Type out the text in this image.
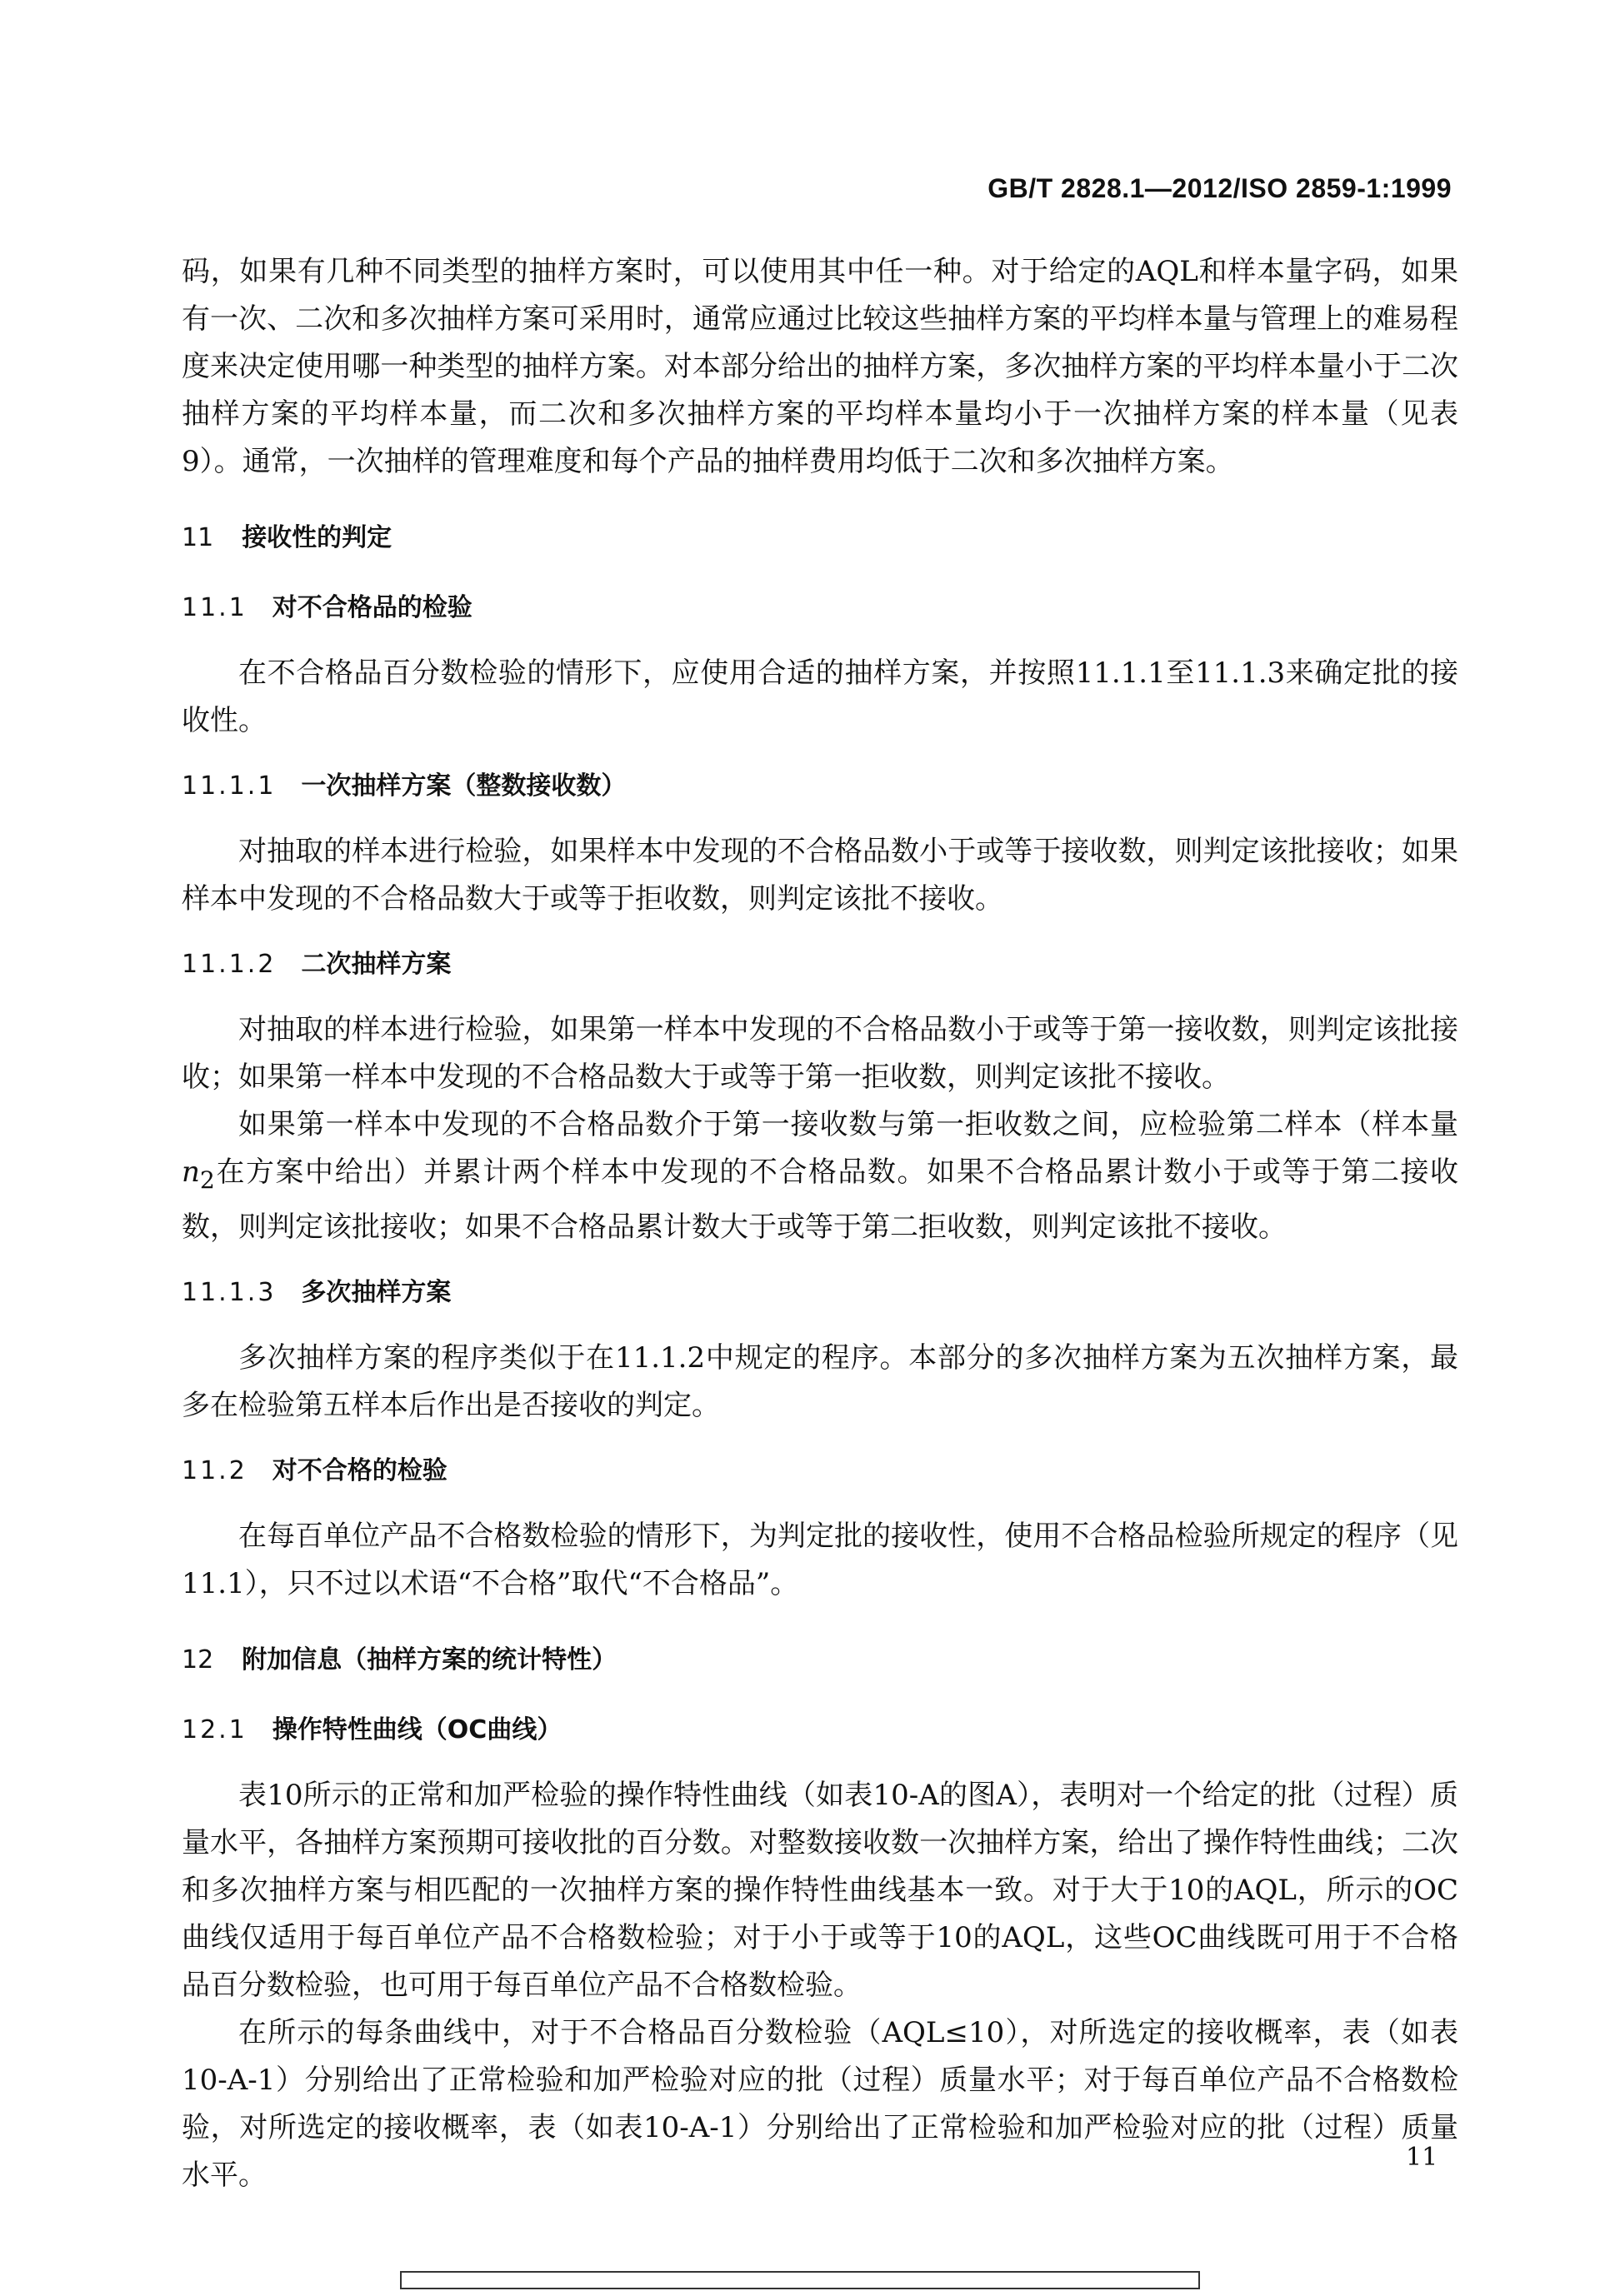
GB/T 2828.1—2012/ISO 2859-1:1999

码，如果有几种不同类型的抽样方案时，可以使用其中任一种。对于给定的AQL和样本量字码，如果有一次、二次和多次抽样方案可采用时，通常应通过比较这些抽样方案的平均样本量与管理上的难易程度来决定使用哪一种类型的抽样方案。对本部分给出的抽样方案，多次抽样方案的平均样本量小于二次抽样方案的平均样本量，而二次和多次抽样方案的平均样本量均小于一次抽样方案的样本量（见表9）。通常，一次抽样的管理难度和每个产品的抽样费用均低于二次和多次抽样方案。

11 接收性的判定
11.1 对不合格品的检验

在不合格品百分数检验的情形下，应使用合适的抽样方案，并按照11.1.1至11.1.3来确定批的接收性。

11.1.1 一次抽样方案（整数接收数）

对抽取的样本进行检验，如果样本中发现的不合格品数小于或等于接收数，则判定该批接收；如果样本中发现的不合格品数大于或等于拒收数，则判定该批不接收。

11.1.2 二次抽样方案

对抽取的样本进行检验，如果第一样本中发现的不合格品数小于或等于第一接收数，则判定该批接收；如果第一样本中发现的不合格品数大于或等于第一拒收数，则判定该批不接收。

如果第一样本中发现的不合格品数介于第一接收数与第一拒收数之间，应检验第二样本（样本量$n_2$在方案中给出）并累计两个样本中发现的不合格品数。如果不合格品累计数小于或等于第二接收数，则判定该批接收；如果不合格品累计数大于或等于第二拒收数，则判定该批不接收。

11.1.3 多次抽样方案

多次抽样方案的程序类似于在11.1.2中规定的程序。本部分的多次抽样方案为五次抽样方案，最多在检验第五样本后作出是否接收的判定。

11.2 对不合格的检验

在每百单位产品不合格数检验的情形下，为判定批的接收性，使用不合格品检验所规定的程序（见11.1），只不过以术语“不合格”取代“不合格品”。

12 附加信息（抽样方案的统计特性）
12.1 操作特性曲线（OC曲线）

表10所示的正常和加严检验的操作特性曲线（如表10-A的图A），表明对一个给定的批（过程）质量水平，各抽样方案预期可接收批的百分数。对整数接收数一次抽样方案，给出了操作特性曲线；二次和多次抽样方案与相匹配的一次抽样方案的操作特性曲线基本一致。对于大于10的AQL，所示的OC曲线仅适用于每百单位产品不合格数检验；对于小于或等于10的AQL，这些OC曲线既可用于不合格品百分数检验，也可用于每百单位产品不合格数检验。

在所示的每条曲线中，对于不合格品百分数检验（AQL≤10），对所选定的接收概率，表（如表10-A-1）分别给出了正常检验和加严检验对应的批（过程）质量水平；对于每百单位产品不合格数检验，对所选定的接收概率，表（如表10-A-1）分别给出了正常检验和加严检验对应的批（过程）质量水平。

11
